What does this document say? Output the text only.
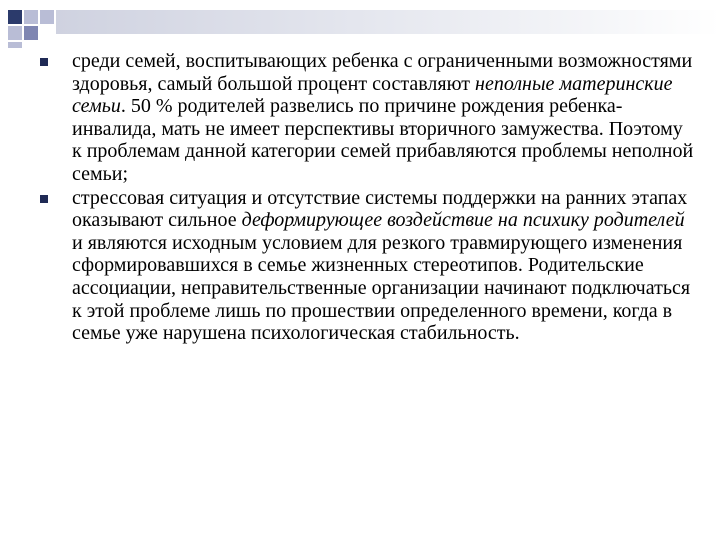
среди семей, воспитывающих ребенка с ограниченными возможностями здоровья, самый большой процент составляют неполные материнские семьи. 50 % родителей развелись по причине рождения ребенка-инвалида, мать не имеет перспективы вторичного замужества. Поэтому к проблемам данной категории семей прибавляются проблемы неполной семьи;
стрессовая ситуация и отсутствие системы поддержки на ранних этапах оказывают сильное деформирующее воздействие на психику родителей и являются исходным условием для резкого травмирующего изменения сформировавшихся в семье жизненных стереотипов. Родительские ассоциации, неправительственные организации начинают подключаться к этой проблеме лишь по прошествии определенного времени, когда в семье уже нарушена психологическая стабильность.
